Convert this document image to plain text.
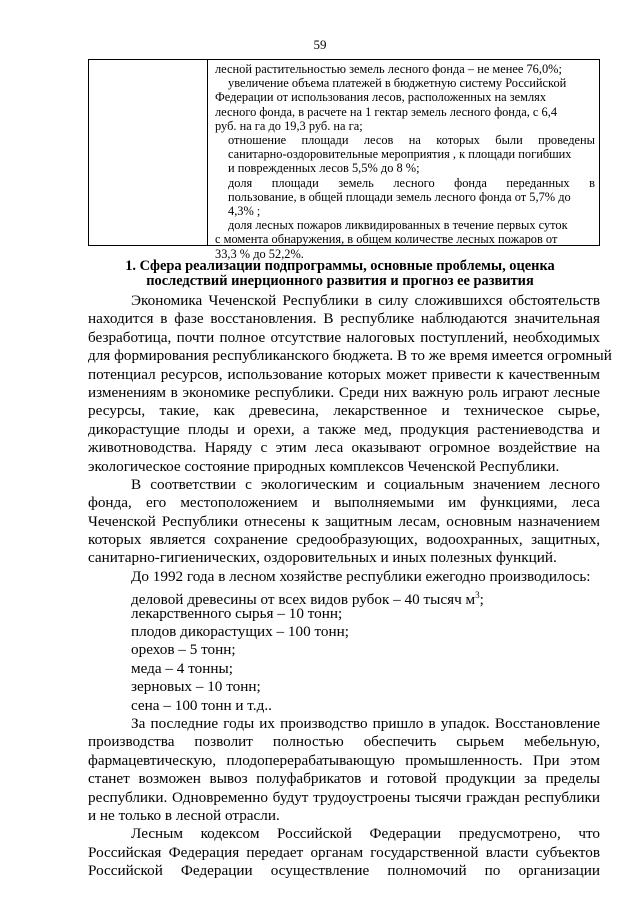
59
лесной растительностью земель лесного фонда – не менее 76,0%;
увеличение объема платежей в бюджетную систему Российской
Федерации от использования лесов, расположенных на землях
лесного фонда, в расчете на 1 гектар земель лесного фонда, с 6,4
руб. на га до 19,3 руб. на га;
отношение площади лесов на которых были проведены
санитарно-оздоровительные мероприятия , к площади погибших
и поврежденных лесов 5,5% до 8 %;
доля площади земель лесного фонда переданных в
пользование, в общей площади земель лесного фонда от 5,7% до
4,3% ;
доля лесных пожаров ликвидированных в течение первых суток
с момента обнаружения, в общем количестве лесных пожаров от
33,3 % до 52,2%.
1. Сфера реализации подпрограммы, основные проблемы, оценка
последствий инерционного развития и прогноз ее развития
Экономика Чеченской Республики в силу сложившихся обстоятельств
находится в фазе восстановления. В республике наблюдаются значительная
безработица, почти полное отсутствие налоговых поступлений, необходимых
для формирования республиканского бюджета. В то же время имеется огромный
потенциал ресурсов, использование которых может привести к качественным
изменениям в экономике республики. Среди них важную роль играют лесные
ресурсы, такие, как древесина, лекарственное и техническое сырье,
дикорастущие плоды и орехи, а также мед, продукция растениеводства и
животноводства. Наряду с этим леса оказывают огромное воздействие на
экологическое состояние природных комплексов Чеченской Республики.
В соответствии с экологическим и социальным значением лесного
фонда, его местоположением и выполняемыми им функциями, леса
Чеченской Республики отнесены к защитным лесам, основным назначением
которых является сохранение средообразующих, водоохранных, защитных,
санитарно-гигиенических, оздоровительных и иных полезных функций.
До 1992 года в лесном хозяйстве республики ежегодно производилось:
деловой древесины от всех видов рубок – 40 тысяч $м^3$;
лекарственного сырья – 10 тонн;
плодов дикорастущих – 100 тонн;
орехов – 5 тонн;
меда – 4 тонны;
зерновых – 10 тонн;
сена – 100 тонн и т.д..
За последние годы их производство пришло в упадок. Восстановление
производства позволит полностью обеспечить сырьем мебельную,
фармацевтическую, плодоперерабатывающую промышленность. При этом
станет возможен вывоз полуфабрикатов и готовой продукции за пределы
республики. Одновременно будут трудоустроены тысячи граждан республики
и не только в лесной отрасли.
Лесным кодексом Российской Федерации предусмотрено, что
Российская Федерация передает органам государственной власти субъектов
Российской Федерации осуществление полномочий по организации
